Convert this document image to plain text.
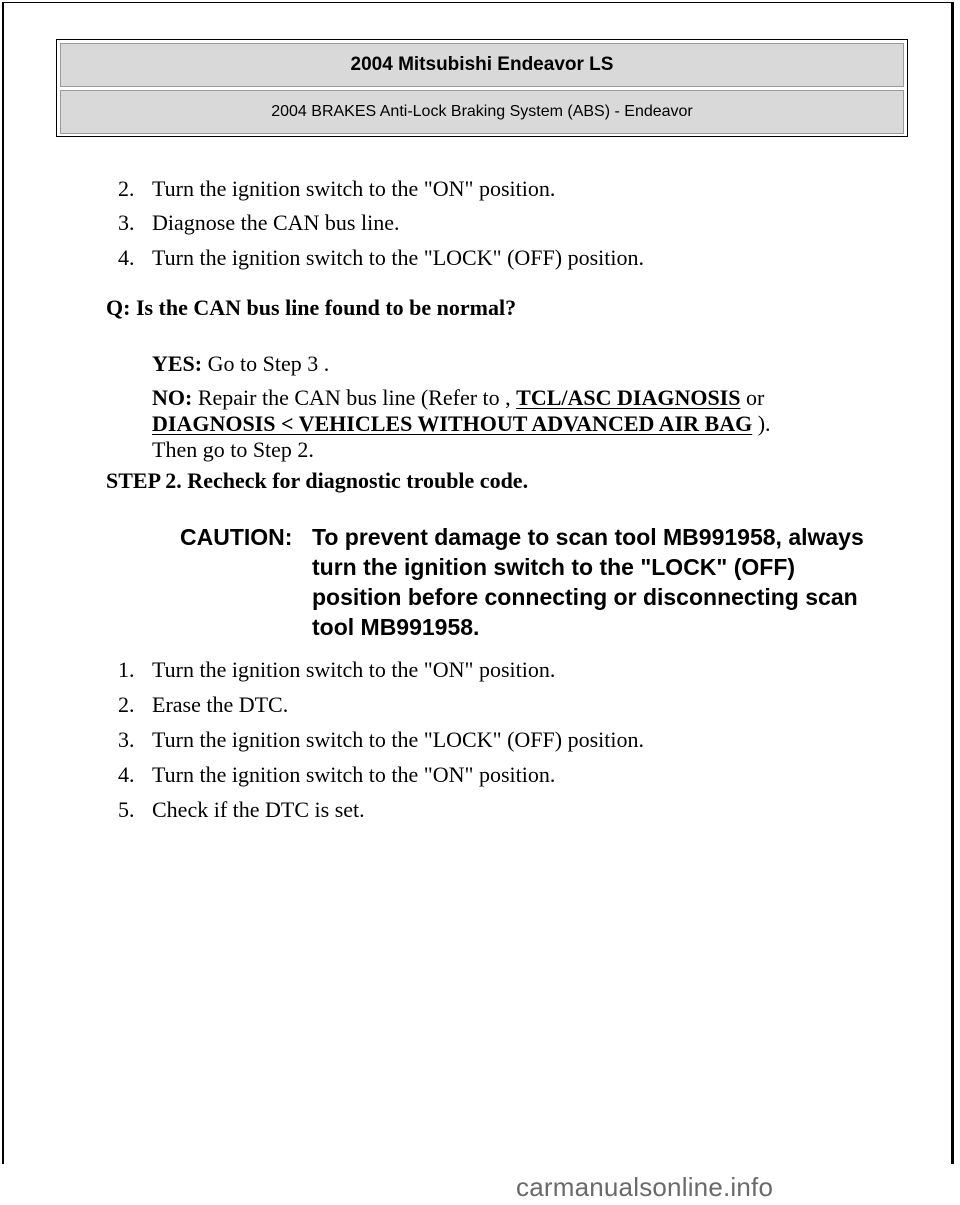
2004 Mitsubishi Endeavor LS
2004 BRAKES Anti-Lock Braking System (ABS) - Endeavor
2. Turn the ignition switch to the "ON" position.
3. Diagnose the CAN bus line.
4. Turn the ignition switch to the "LOCK" (OFF) position.
Q: Is the CAN bus line found to be normal?
YES: Go to Step 3 .
NO: Repair the CAN bus line (Refer to , TCL/ASC DIAGNOSIS or
DIAGNOSIS < VEHICLES WITHOUT ADVANCED AIR BAG ).
Then go to Step 2.
STEP 2. Recheck for diagnostic trouble code.
CAUTION: To prevent damage to scan tool MB991958, always turn the ignition switch to the "LOCK" (OFF) position before connecting or disconnecting scan tool MB991958.
1. Turn the ignition switch to the "ON" position.
2. Erase the DTC.
3. Turn the ignition switch to the "LOCK" (OFF) position.
4. Turn the ignition switch to the "ON" position.
5. Check if the DTC is set.
carmanualsonline.info
